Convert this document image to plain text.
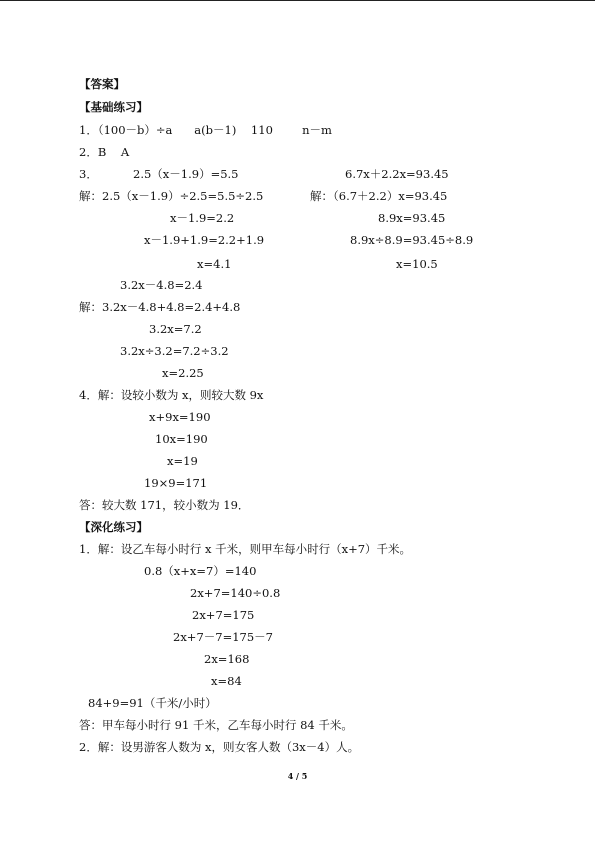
【答案】
【基础练习】
1．（100－b）÷a      a(b－1)    110        n－m
2．B    A
3．	2.5（x－1.9）=5.5	6.7x＋2.2x=93.45
解：2.5（x－1.9）÷2.5=5.5÷2.5	解：（6.7＋2.2）x=93.45
x－1.9=2.2	8.9x=93.45
x－1.9+1.9=2.2+1.9	8.9x÷8.9=93.45÷8.9
x=4.1	x=10.5
3.2x－4.8=2.4
解：3.2x－4.8+4.8=2.4+4.8
3.2x=7.2
3.2x÷3.2=7.2÷3.2
x=2.25
4．解：设较小数为 x，则较大数 9x
x+9x=190
10x=190
x=19
19×9=171
答：较大数 171，较小数为 19．
【深化练习】
1．解：设乙车每小时行 x 千米，则甲车每小时行（x+7）千米。
0.8（x+x=7）=140
2x+7=140÷0.8
2x+7=175
2x+7－7=175－7
2x=168
x=84
84+9=91（千米/小时）
答：甲车每小时行 91 千米，乙车每小时行 84 千米。
2．解：设男游客人数为 x，则女客人数（3x－4）人。
4 / 5
